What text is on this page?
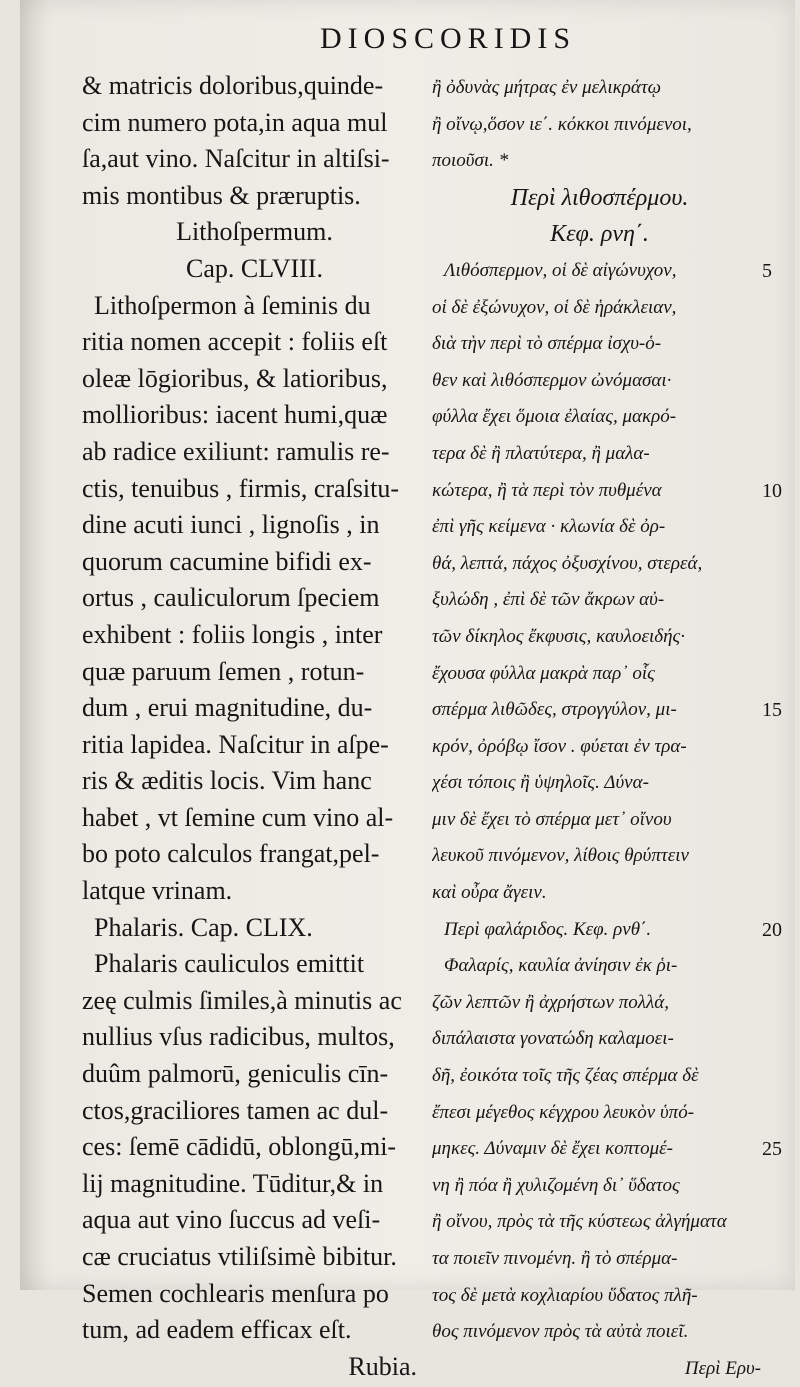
DIOSCORIDIS
& matricis doloribus,quinde-
cim numero pota,in aqua mul
ſa,aut vino. Naſcitur in altiſsi-
mis montibus & præruptis.
Lithoſpermum.
Cap. CLVIII.
Lithoſpermon à ſeminis du
ritia nomen accepit : foliis eſt
oleæ lōgioribus, & latioribus,
mollioribus: iacent humi,quæ
ab radice exiliunt: ramulis re-
ctis, tenuibus , firmis, craſsitu-
dine acuti iunci , lignoſis , in
quorum cacumine bifidi ex-
ortus , cauliculorum ſpeciem
exhibent : foliis longis , inter
quæ paruum ſemen , rotun-
dum , erui magnitudine, du-
ritia lapidea. Naſcitur in aſpe-
ris & æditis locis. Vim hanc
habet , vt ſemine cum vino al-
bo poto calculos frangat,pel-
latque vrinam.
Phalaris. Cap. CLIX.
Phalaris cauliculos emittit
zeę culmis ſimiles,à minutis ac
nullius vſus radicibus, multos,
duûm palmorū, geniculis cīn-
ctos,graciliores tamen ac dul-
ces: ſemē cādidū, oblongū,mi-
lij magnitudine. Tūditur,& in
aqua aut vino ſuccus ad veſi-
cæ cruciatus vtiliſsimè bibitur.
Semen cochlearis menſura po
tum, ad eadem efficax eſt.
Rubia.
ἢ ὀδυνὰς μήτρας ἐν μελικράτῳ
ἢ οἴνῳ,ὅσον ιε΄. κόκκοι πινόμενοι,
ποιοῦσι. *
Περὶ λιθοσπέρμου.
Κεφ. ρνη΄.
Λιθόσπερμον, οἱ δὲ αἰγώνυχον,
οἱ δὲ ἐξώνυχον, οἱ δὲ ἡράκλειαν,
διὰ τὴν περὶ τὸ σπέρμα ἰσχυ-ὁ-
θεν καὶ λιθόσπερμον ὠνόμασαι·
φύλλα ἔχει ὅμοια ἐλαίας, μακρό-
τερα δὲ ἢ πλατύτερα, ἢ μαλα-
κώτερα, ἢ τὰ περὶ τὸν πυθμένα
ἐπὶ γῆς κείμενα · κλωνία δὲ ὀρ-
θά, λεπτά, πάχος ὀξυσχίνου, στερεά,
ξυλώδη , ἐπὶ δὲ τῶν ἄκρων αὐ-
τῶν δίκηλος ἔκφυσις, καυλοειδής·
ἔχουσα φύλλα μακρὰ παρ᾽ οἷς
σπέρμα λιθῶδες, στρογγύλον, μι-
κρόν, ὀρόβῳ ἴσον . φύεται ἐν τρα-
χέσι τόποις ἢ ὑψηλοῖς. Δύνα-
μιν δὲ ἔχει τὸ σπέρμα μετ᾽ οἴνου
λευκοῦ πινόμενον, λίθοις θρύπτειν
καὶ οὖρα ἄγειν.
Περὶ φαλάριδος. Κεφ. ρνθ΄.
Φαλαρίς, καυλία ἀνίησιν ἐκ ῥι-
ζῶν λεπτῶν ἢ ἀχρήστων πολλά,
διπάλαιστα γονατώδη καλαμοει-
δῆ, ἐοικότα τοῖς τῆς ζέας σπέρμα δὲ
ἔπεσι μέγεθος κέγχρου λευκὸν ὑπό-
μηκες. Δύναμιν δὲ ἔχει κοπτομέ-
νη ἢ πόα ἢ χυλιζομένη δι᾽ ὕδατος
ἢ οἴνου, πρὸς τὰ τῆς κύστεως ἀλγήματα
τα ποιεῖν πινομένη. ἢ τὸ σπέρμα-
τος δὲ μετὰ κοχλιαρίου ὕδατος πλῆ-
θος πινόμενον πρὸς τὰ αὐτὰ ποιεῖ.
Περὶ Ερυ-
5
10
15
20
25
